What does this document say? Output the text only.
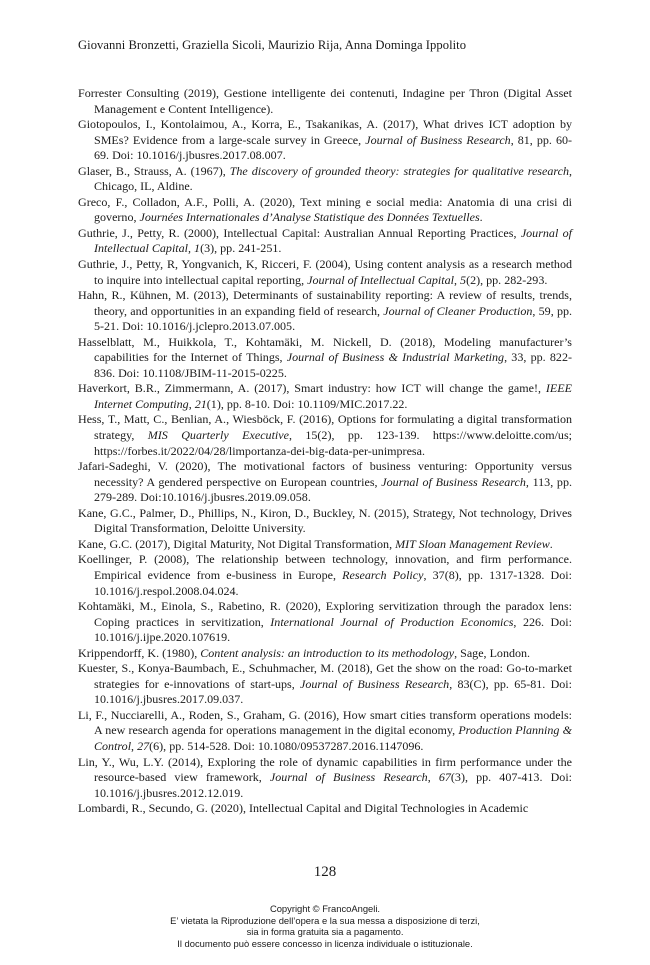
Giovanni Bronzetti, Graziella Sicoli, Maurizio Rija, Anna Dominga Ippolito

Forrester Consulting (2019), Gestione intelligente dei contenuti, Indagine per Thron (Digital Asset Management e Content Intelligence).

Giotopoulos, I., Kontolaimou, A., Korra, E., Tsakanikas, A. (2017), What drives ICT adoption by SMEs? Evidence from a large-scale survey in Greece, Journal of Business Research, 81, pp. 60-69. Doi: 10.1016/j.jbusres.2017.08.007.

Glaser, B., Strauss, A. (1967), The discovery of grounded theory: strategies for qualitative research, Chicago, IL, Aldine.

Greco, F., Colladon, A.F., Polli, A. (2020), Text mining e social media: Anatomia di una crisi di governo, Journées Internationales d’Analyse Statistique des Données Textuelles.

Guthrie, J., Petty, R. (2000), Intellectual Capital: Australian Annual Reporting Practices, Journal of Intellectual Capital, 1(3), pp. 241-251.

Guthrie, J., Petty, R, Yongvanich, K, Ricceri, F. (2004), Using content analysis as a research method to inquire into intellectual capital reporting, Journal of Intellectual Capital, 5(2), pp. 282-293.

Hahn, R., Kühnen, M. (2013), Determinants of sustainability reporting: A review of results, trends, theory, and opportunities in an expanding field of research, Journal of Cleaner Production, 59, pp. 5-21. Doi: 10.1016/j.jclepro.2013.07.005.

Hasselblatt, M., Huikkola, T., Kohtamäki, M. Nickell, D. (2018), Modeling manufacturer’s capabilities for the Internet of Things, Journal of Business & Industrial Marketing, 33, pp. 822-836. Doi: 10.1108/JBIM-11-2015-0225.

Haverkort, B.R., Zimmermann, A. (2017), Smart industry: how ICT will change the game!, IEEE Internet Computing, 21(1), pp. 8-10. Doi: 10.1109/MIC.2017.22.

Hess, T., Matt, C., Benlian, A., Wiesböck, F. (2016), Options for formulating a digital transformation strategy, MIS Quarterly Executive, 15(2), pp. 123-139. https://www.deloitte.com/us; https://forbes.it/2022/04/28/limportanza-dei-big-data-per-unimpresa.

Jafari-Sadeghi, V. (2020), The motivational factors of business venturing: Opportunity versus necessity? A gendered perspective on European countries, Journal of Business Research, 113, pp. 279-289. Doi:10.1016/j.jbusres.2019.09.058.

Kane, G.C., Palmer, D., Phillips, N., Kiron, D., Buckley, N. (2015), Strategy, Not technology, Drives Digital Transformation, Deloitte University.

Kane, G.C. (2017), Digital Maturity, Not Digital Transformation, MIT Sloan Management Review.

Koellinger, P. (2008), The relationship between technology, innovation, and firm performance. Empirical evidence from e-business in Europe, Research Policy, 37(8), pp. 1317-1328. Doi: 10.1016/j.respol.2008.04.024.

Kohtamäki, M., Einola, S., Rabetino, R. (2020), Exploring servitization through the paradox lens: Coping practices in servitization, International Journal of Production Economics, 226. Doi: 10.1016/j.ijpe.2020.107619.

Krippendorff, K. (1980), Content analysis: an introduction to its methodology, Sage, London.

Kuester, S., Konya-Baumbach, E., Schuhmacher, M. (2018), Get the show on the road: Go-to-market strategies for e-innovations of start-ups, Journal of Business Research, 83(C), pp. 65-81. Doi: 10.1016/j.jbusres.2017.09.037.

Li, F., Nucciarelli, A., Roden, S., Graham, G. (2016), How smart cities transform operations models: A new research agenda for operations management in the digital economy, Production Planning & Control, 27(6), pp. 514-528. Doi: 10.1080/09537287.2016.1147096.

Lin, Y., Wu, L.Y. (2014), Exploring the role of dynamic capabilities in firm performance under the resource-based view framework, Journal of Business Research, 67(3), pp. 407-413. Doi: 10.1016/j.jbusres.2012.12.019.

Lombardi, R., Secundo, G. (2020), Intellectual Capital and Digital Technologies in Academic

128
Copyright © FrancoAngeli.
E’ vietata la Riproduzione dell’opera e la sua messa a disposizione di terzi,
sia in forma gratuita sia a pagamento.
Il documento può essere concesso in licenza individuale o istituzionale.
